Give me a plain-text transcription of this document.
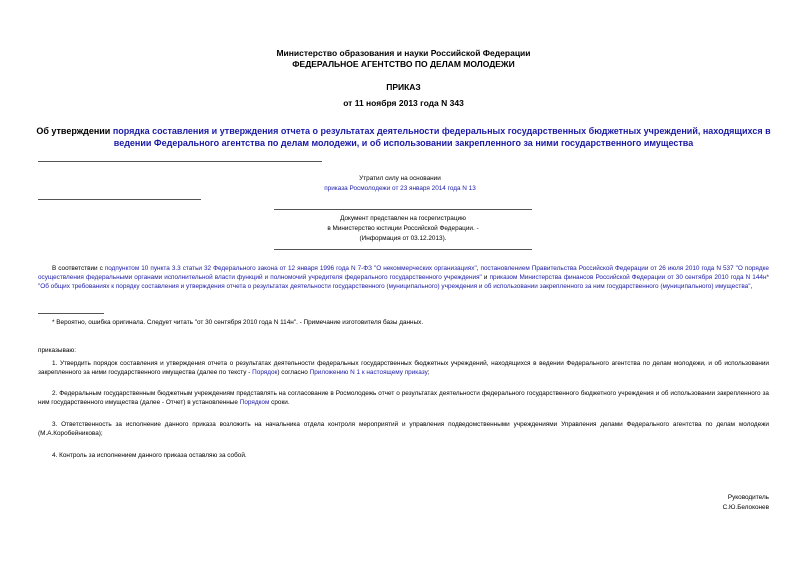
Министерство образования и науки Российской Федерации
ФЕДЕРАЛЬНОЕ АГЕНТСТВО ПО ДЕЛАМ МОЛОДЕЖИ
ПРИКАЗ
от 11 ноября 2013 года N 343
Об утверждении порядка составления и утверждения отчета о результатах деятельности федеральных государственных бюджетных учреждений, находящихся в ведении Федерального агентства по делам молодежи, и об использовании закрепленного за ними государственного имущества
Утратил силу на основании
приказа Росмолодежи от 23 января 2014 года N 13
Документ представлен на госрегистрацию
в Министерство юстиции Российской Федерации. -
(Информация от 03.12.2013).
В соответствии с подпунктом 10 пункта 3.3 статьи 32 Федерального закона от 12 января 1996 года N 7-ФЗ "О некоммерческих организациях", постановлением Правительства Российской Федерации от 26 июля 2010 года N 537 "О порядке осуществления федеральными органами исполнительной власти функций и полномочий учредителя федерального государственного учреждения" и приказом Министерства финансов Российской Федерации от 30 сентября 2010 года N 144н* "Об общих требованиях к порядку составления и утверждения отчета о результатах деятельности государственного (муниципального) учреждения и об использовании закрепленного за ним государственного (муниципального) имущества",
* Вероятно, ошибка оригинала. Следует читать "от 30 сентября 2010 года N 114н". - Примечание изготовителя базы данных.
приказываю:
1. Утвердить порядок составления и утверждения отчета о результатах деятельности федеральных государственных бюджетных учреждений, находящихся в ведении Федерального агентства по делам молодежи, и об использовании закрепленного за ними государственного имущества (далее по тексту - Порядок) согласно Приложению N 1 к настоящему приказу;
2. Федеральным государственным бюджетным учреждениям представлять на согласование в Росмолодежь отчет о результатах деятельности федерального государственного бюджетного учреждения и об использовании закрепленного за ним государственного имущества (далее - Отчет) в установленные Порядком сроки.
3. Ответственность за исполнение данного приказа возложить на начальника отдела контроля мероприятий и управления подведомственными учреждениями Управления делами Федерального агентства по делам молодежи (М.А.Коробейникова);
4. Контроль за исполнением данного приказа оставляю за собой.
Руководитель
С.Ю.Белоконев
